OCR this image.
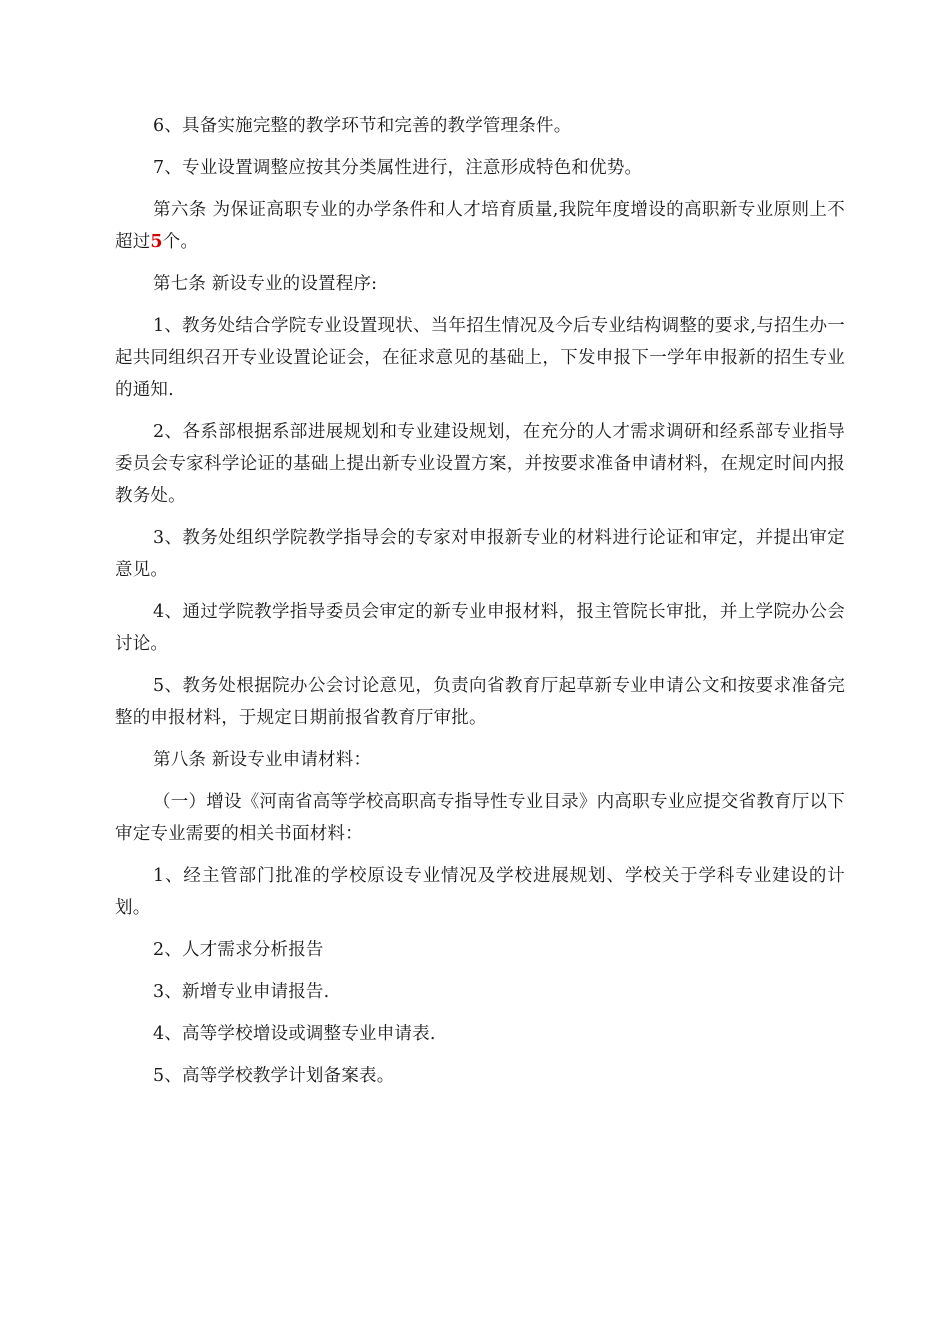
6、具备实施完整的教学环节和完善的教学管理条件。

7、专业设置调整应按其分类属性进行，注意形成特色和优势。

第六条 为保证高职专业的办学条件和人才培育质量,我院年度增设的高职新专业原则上不超过5个。

第七条 新设专业的设置程序:

1、教务处结合学院专业设置现状、当年招生情况及今后专业结构调整的要求,与招生办一起共同组织召开专业设置论证会，在征求意见的基础上，下发申报下一学年申报新的招生专业的通知.

2、各系部根据系部进展规划和专业建设规划，在充分的人才需求调研和经系部专业指导委员会专家科学论证的基础上提出新专业设置方案，并按要求准备申请材料，在规定时间内报教务处。

3、教务处组织学院教学指导会的专家对申报新专业的材料进行论证和审定，并提出审定意见。

4、通过学院教学指导委员会审定的新专业申报材料，报主管院长审批，并上学院办公会讨论。

5、教务处根据院办公会讨论意见，负责向省教育厅起草新专业申请公文和按要求准备完整的申报材料，于规定日期前报省教育厅审批。

第八条 新设专业申请材料：

（一）增设《河南省高等学校高职高专指导性专业目录》内高职专业应提交省教育厅以下审定专业需要的相关书面材料：

1、经主管部门批准的学校原设专业情况及学校进展规划、学校关于学科专业建设的计划。

2、人才需求分析报告

3、新增专业申请报告.

4、高等学校增设或调整专业申请表.

5、高等学校教学计划备案表。
